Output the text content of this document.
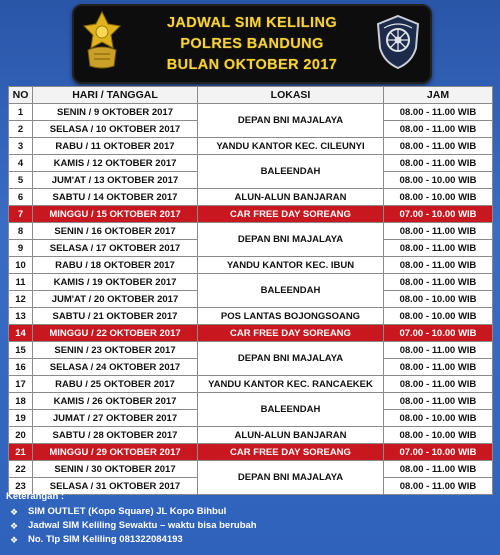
JADWAL SIM KELILING
POLRES BANDUNG
BULAN OKTOBER 2017
NO	HARI / TANGGAL	LOKASI	JAM
1	SENIN / 9 OKTOBER 2017	DEPAN BNI MAJALAYA	08.00 - 11.00 WIB
2	SELASA / 10 OKTOBER 2017		08.00 - 11.00 WIB
3	RABU / 11 OKTOBER 2017	YANDU KANTOR KEC. CILEUNYI	08.00 - 11.00 WIB
4	KAMIS / 12 OKTOBER 2017	BALEENDAH	08.00 - 11.00 WIB
5	JUM'AT / 13 OKTOBER 2017		08.00 - 10.00 WIB
6	SABTU / 14 OKTOBER 2017	ALUN-ALUN BANJARAN	08.00 - 10.00 WIB
7	MINGGU / 15 OKTOBER 2017	CAR FREE DAY SOREANG	07.00 - 10.00 WIB
8	SENIN / 16 OKTOBER 2017	DEPAN BNI MAJALAYA	08.00 - 11.00 WIB
9	SELASA / 17 OKTOBER 2017		08.00 - 11.00 WIB
10	RABU / 18 OKTOBER 2017	YANDU KANTOR KEC. IBUN	08.00 - 11.00 WIB
11	KAMIS / 19 OKTOBER 2017	BALEENDAH	08.00 - 11.00 WIB
12	JUM'AT / 20 OKTOBER 2017		08.00 - 10.00 WIB
13	SABTU / 21 OKTOBER 2017	POS LANTAS BOJONGSOANG	08.00 - 10.00 WIB
14	MINGGU / 22 OKTOBER 2017	CAR FREE DAY SOREANG	07.00 - 10.00 WIB
15	SENIN / 23 OKTOBER 2017	DEPAN BNI MAJALAYA	08.00 - 11.00 WIB
16	SELASA / 24 OKTOBER 2017		08.00 - 11.00 WIB
17	RABU / 25 OKTOBER 2017	YANDU KANTOR KEC. RANCAEKEK	08.00 - 11.00 WIB
18	KAMIS / 26 OKTOBER 2017	BALEENDAH	08.00 - 11.00 WIB
19	JUMAT / 27 OKTOBER 2017		08.00 - 10.00 WIB
20	SABTU / 28 OKTOBER 2017	ALUN-ALUN BANJARAN	08.00 - 10.00 WIB
21	MINGGU / 29 OKTOBER 2017	CAR FREE DAY SOREANG	07.00 - 10.00 WIB
22	SENIN / 30 OKTOBER 2017	DEPAN BNI MAJALAYA	08.00 - 11.00 WIB
23	SELASA / 31 OKTOBER 2017		08.00 - 11.00 WIB
Keterangan :
❖	SIM OUTLET (Kopo Square) JL Kopo Bihbul
❖	Jadwal SIM Keliling Sewaktu – waktu bisa berubah
❖	No. Tlp SIM Keliling 081322084193
